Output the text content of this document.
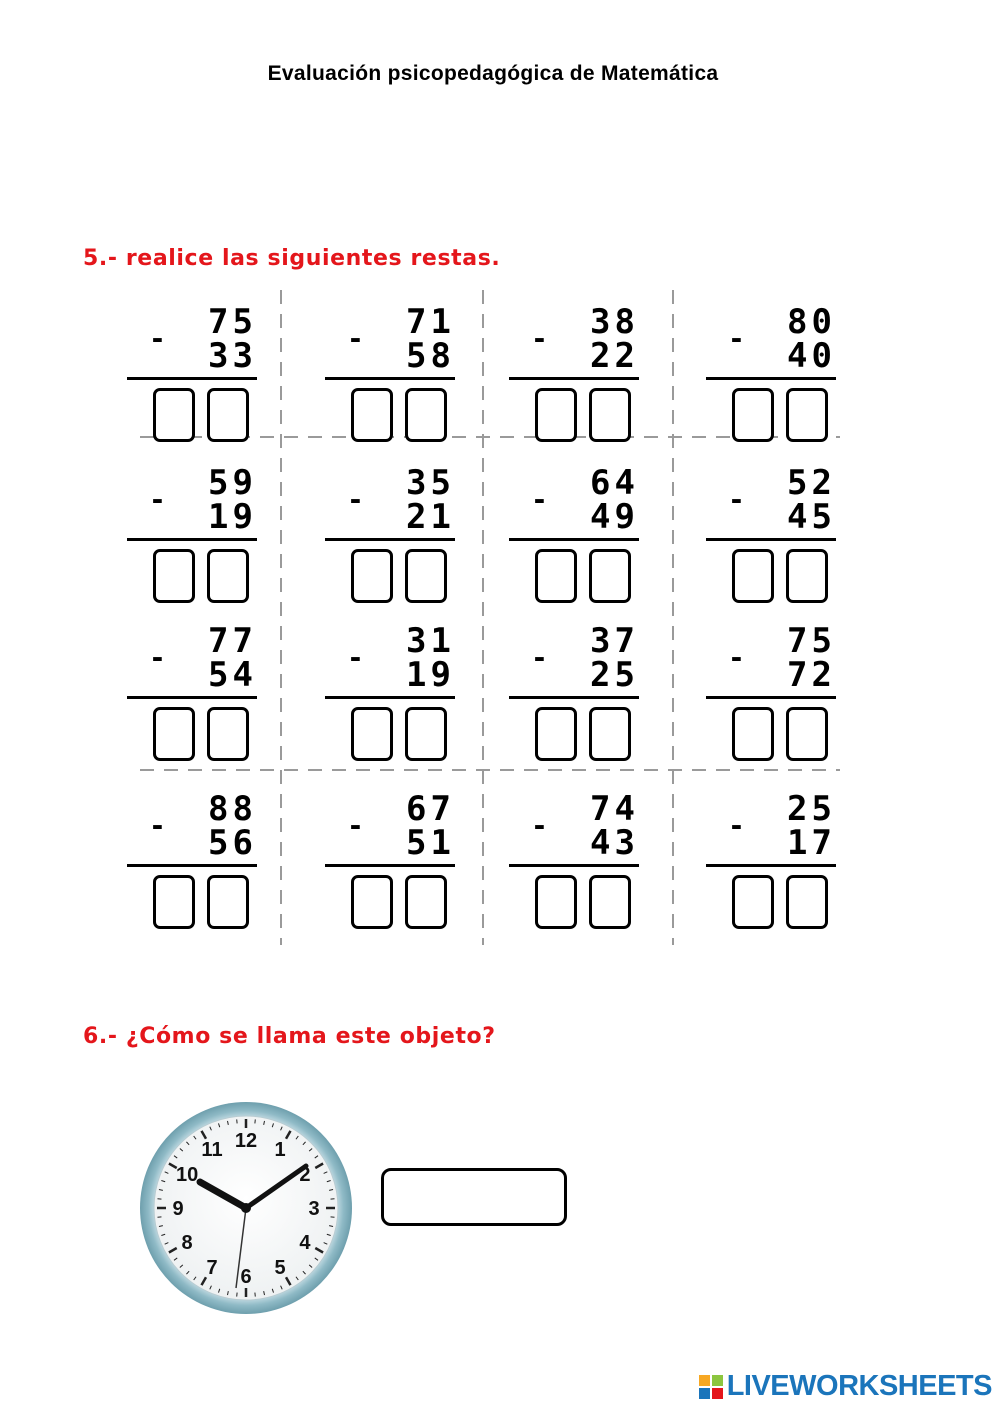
Evaluación psicopedagógica de Matemática
5.- realice las siguientes restas.
75
- 33
71
- 58
38
- 22
80
- 40
59
- 19
35
- 21
64
- 49
52
- 45
77
- 54
31
- 19
37
- 25
75
- 72
88
- 56
67
- 51
74
- 43
25
- 17
6.- ¿Cómo se llama este objeto?
12 1
2
3
4
5
6
7
8
9
10
11
LIVEWORKSHEETS
